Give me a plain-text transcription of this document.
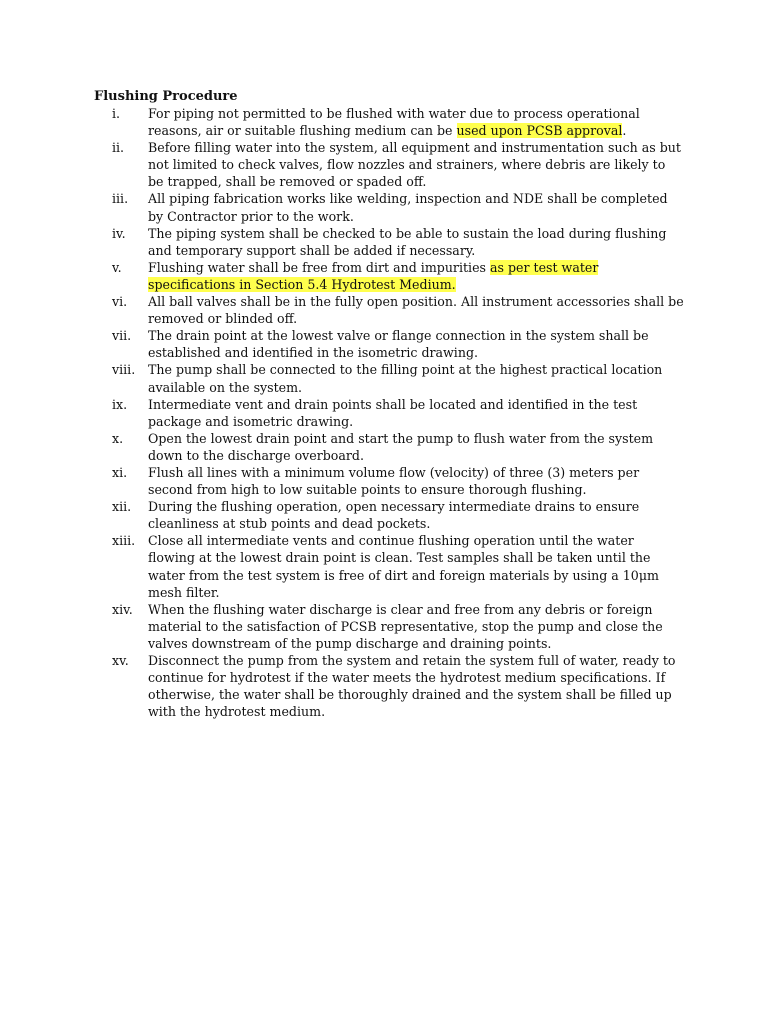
Flushing Procedure
i.	For piping not permitted to be flushed with water due to process operational reasons, air or suitable flushing medium can be used upon PCSB approval.
ii.	Before filling water into the system, all equipment and instrumentation such as but not limited to check valves, flow nozzles and strainers, where debris are likely to be trapped, shall be removed or spaded off.
iii.	All piping fabrication works like welding, inspection and NDE shall be completed by Contractor prior to the work.
iv.	The piping system shall be checked to be able to sustain the load during flushing and temporary support shall be added if necessary.
v.	Flushing water shall be free from dirt and impurities as per test water specifications in Section 5.4 Hydrotest Medium.
vi.	All ball valves shall be in the fully open position. All instrument accessories shall be removed or blinded off.
vii.	The drain point at the lowest valve or flange connection in the system shall be established and identified in the isometric drawing.
viii.	The pump shall be connected to the filling point at the highest practical location available on the system.
ix.	Intermediate vent and drain points shall be located and identified in the test package and isometric drawing.
x.	Open the lowest drain point and start the pump to flush water from the system down to the discharge overboard.
xi.	Flush all lines with a minimum volume flow (velocity) of three (3) meters per second from high to low suitable points to ensure thorough flushing.
xii.	During the flushing operation, open necessary intermediate drains to ensure cleanliness at stub points and dead pockets.
xiii.	Close all intermediate vents and continue flushing operation until the water flowing at the lowest drain point is clean. Test samples shall be taken until the water from the test system is free of dirt and foreign materials by using a 10μm mesh filter.
xiv.	When the flushing water discharge is clear and free from any debris or foreign material to the satisfaction of PCSB representative, stop the pump and close the valves downstream of the pump discharge and draining points.
xv.	Disconnect the pump from the system and retain the system full of water, ready to continue for hydrotest if the water meets the hydrotest medium specifications. If otherwise, the water shall be thoroughly drained and the system shall be filled up with the hydrotest medium.
